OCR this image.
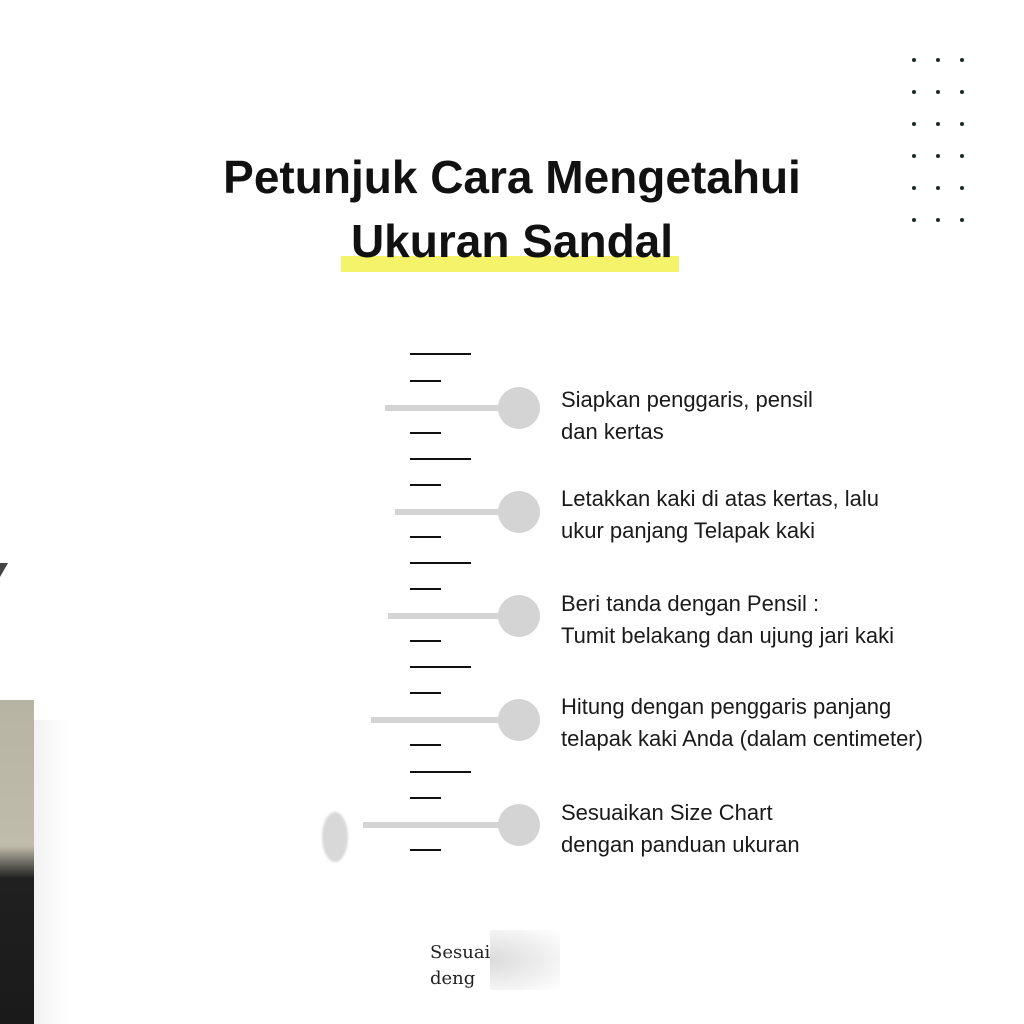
Petunjuk Cara Mengetahui
Ukuran Sandal
Siapkan penggaris, pensil
dan kertas
Letakkan kaki di atas kertas, lalu
ukur panjang Telapak kaki
Beri tanda dengan Pensil :
Tumit belakang dan ujung jari kaki
Hitung dengan penggaris panjang
telapak kaki Anda (dalam centimeter)
Sesuaikan Size Chart
dengan panduan ukuran
Sesuai
deng
